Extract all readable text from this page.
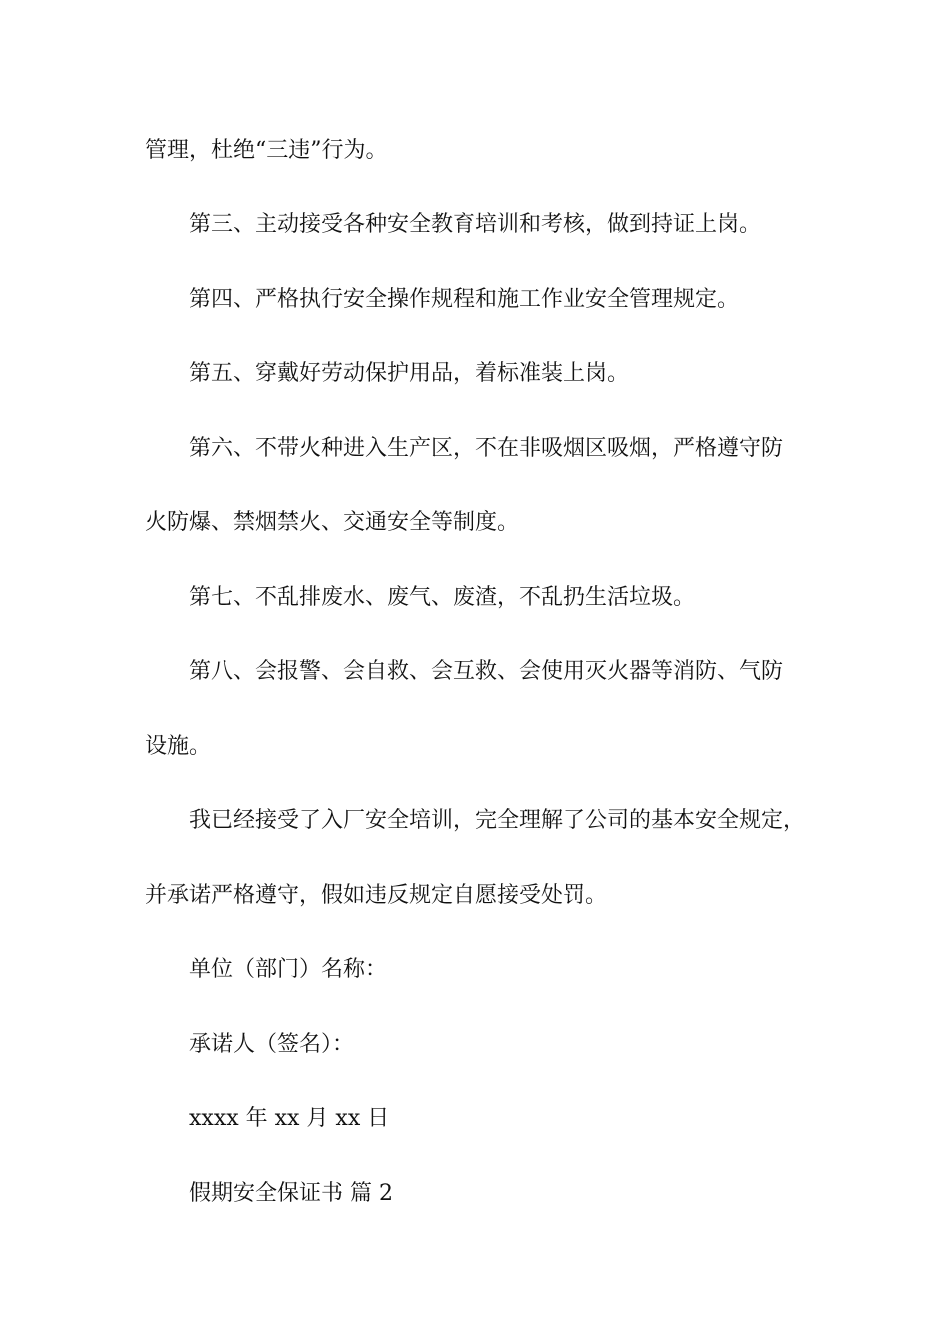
管理，杜绝“三违”行为。
第三、主动接受各种安全教育培训和考核，做到持证上岗。
第四、严格执行安全操作规程和施工作业安全管理规定。
第五、穿戴好劳动保护用品，着标准装上岗。
第六、不带火种进入生产区，不在非吸烟区吸烟，严格遵守防
火防爆、禁烟禁火、交通安全等制度。
第七、不乱排废水、废气、废渣，不乱扔生活垃圾。
第八、会报警、会自救、会互救、会使用灭火器等消防、气防
设施。
我已经接受了入厂安全培训，完全理解了公司的基本安全规定，
并承诺严格遵守，假如违反规定自愿接受处罚。
单位（部门）名称：
承诺人（签名）：
xxxx 年 xx 月 xx 日
假期安全保证书 篇 2
